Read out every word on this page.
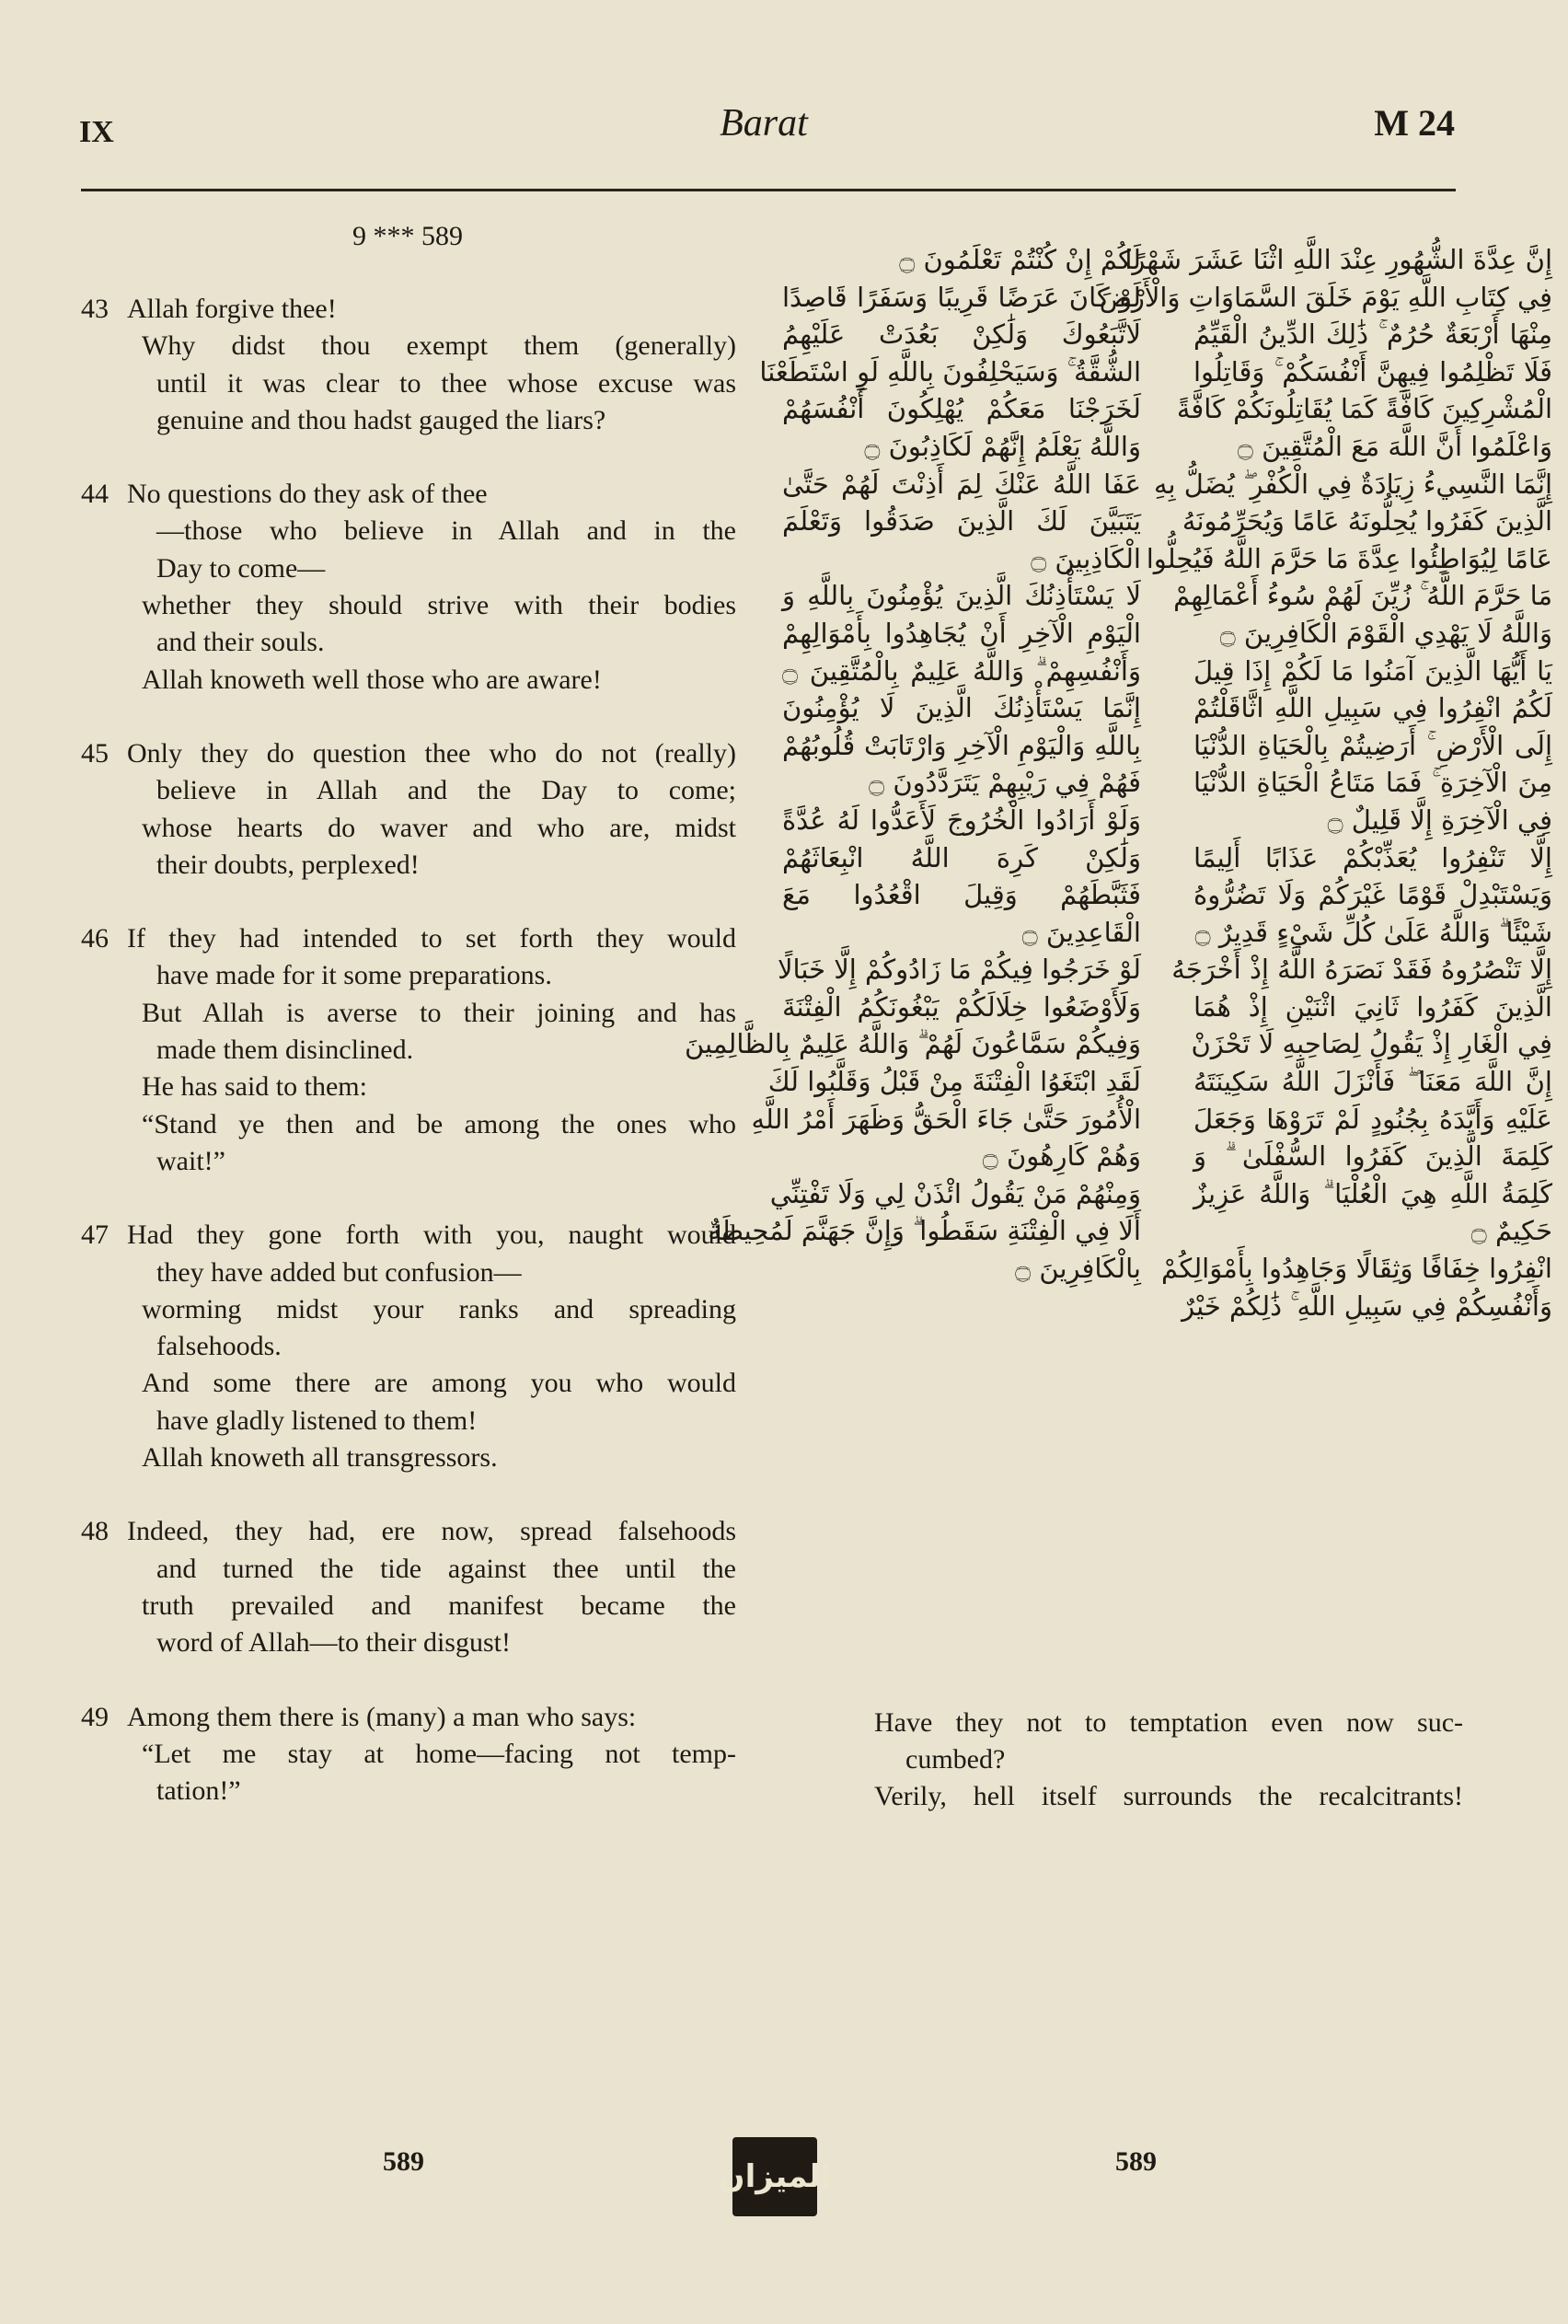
IX	Barat	M 24
9 *** 589
43 Allah forgive thee!
Why didst thou exempt them (generally)
until it was clear to thee whose excuse was
genuine and thou hadst gauged the liars?
44 No questions do they ask of thee
—those who believe in Allah and in the
Day to come—
whether they should strive with their bodies
and their souls.
Allah knoweth well those who are aware!
45 Only they do question thee who do not (really)
believe in Allah and the Day to come;
whose hearts do waver and who are, midst
their doubts, perplexed!
46 If they had intended to set forth they would
have made for it some preparations.
But Allah is averse to their joining and has
made them disinclined.
He has said to them:
“Stand ye then and be among the ones who
wait!”
47 Had they gone forth with you, naught would
they have added but confusion—
worming midst your ranks and spreading
falsehoods.
And some there are among you who would
have gladly listened to them!
Allah knoweth all transgressors.
48 Indeed, they had, ere now, spread falsehoods
and turned the tide against thee until the
truth prevailed and manifest became the
word of Allah—to their disgust!
49 Among them there is (many) a man who says:
“Let me stay at home—facing not temp-
tation!”
لَكُمْ إِنْ كُنْتُمْ تَعْلَمُونَ ۝
لَوْ كَانَ عَرَضًا قَرِيبًا وَسَفَرًا قَاصِدًا
لَاتَّبَعُوكَ وَلَٰكِنْ بَعُدَتْ عَلَيْهِمُ
الشُّقَّةُ ۚ وَسَيَحْلِفُونَ بِاللَّهِ لَوِ اسْتَطَعْنَا
لَخَرَجْنَا مَعَكُمْ يُهْلِكُونَ أَنْفُسَهُمْ
وَاللَّهُ يَعْلَمُ إِنَّهُمْ لَكَاذِبُونَ ۝
عَفَا اللَّهُ عَنْكَ لِمَ أَذِنْتَ لَهُمْ حَتَّىٰ
يَتَبَيَّنَ لَكَ الَّذِينَ صَدَقُوا وَتَعْلَمَ
الْكَاذِبِينَ ۝
لَا يَسْتَأْذِنُكَ الَّذِينَ يُؤْمِنُونَ بِاللَّهِ وَ
الْيَوْمِ الْآخِرِ أَنْ يُجَاهِدُوا بِأَمْوَالِهِمْ
وَأَنْفُسِهِمْ ۗ وَاللَّهُ عَلِيمٌ بِالْمُتَّقِينَ ۝
إِنَّمَا يَسْتَأْذِنُكَ الَّذِينَ لَا يُؤْمِنُونَ
بِاللَّهِ وَالْيَوْمِ الْآخِرِ وَارْتَابَتْ قُلُوبُهُمْ
فَهُمْ فِي رَيْبِهِمْ يَتَرَدَّدُونَ ۝
وَلَوْ أَرَادُوا الْخُرُوجَ لَأَعَدُّوا لَهُ عُدَّةً
وَلَٰكِنْ كَرِهَ اللَّهُ انْبِعَاثَهُمْ
فَثَبَّطَهُمْ وَقِيلَ اقْعُدُوا مَعَ
الْقَاعِدِينَ ۝
لَوْ خَرَجُوا فِيكُمْ مَا زَادُوكُمْ إِلَّا خَبَالًا
وَلَأَوْضَعُوا خِلَالَكُمْ يَبْغُونَكُمُ الْفِتْنَةَ
وَفِيكُمْ سَمَّاعُونَ لَهُمْ ۗ وَاللَّهُ عَلِيمٌ بِالظَّالِمِينَ
لَقَدِ ابْتَغَوُا الْفِتْنَةَ مِنْ قَبْلُ وَقَلَّبُوا لَكَ
الْأُمُورَ حَتَّىٰ جَاءَ الْحَقُّ وَظَهَرَ أَمْرُ اللَّهِ
وَهُمْ كَارِهُونَ ۝
وَمِنْهُمْ مَنْ يَقُولُ ائْذَنْ لِي وَلَا تَفْتِنِّي
أَلَا فِي الْفِتْنَةِ سَقَطُوا ۗ وَإِنَّ جَهَنَّمَ لَمُحِيطَةٌ
بِالْكَافِرِينَ ۝
إِنَّ عِدَّةَ الشُّهُورِ عِنْدَ اللَّهِ اثْنَا عَشَرَ شَهْرًا
فِي كِتَابِ اللَّهِ يَوْمَ خَلَقَ السَّمَاوَاتِ وَالْأَرْضَ
مِنْهَا أَرْبَعَةٌ حُرُمٌ ۚ ذَٰلِكَ الدِّينُ الْقَيِّمُ
فَلَا تَظْلِمُوا فِيهِنَّ أَنْفُسَكُمْ ۚ وَقَاتِلُوا
الْمُشْرِكِينَ كَافَّةً كَمَا يُقَاتِلُونَكُمْ كَافَّةً
وَاعْلَمُوا أَنَّ اللَّهَ مَعَ الْمُتَّقِينَ ۝
إِنَّمَا النَّسِيءُ زِيَادَةٌ فِي الْكُفْرِ ۖ يُضَلُّ بِهِ
الَّذِينَ كَفَرُوا يُحِلُّونَهُ عَامًا وَيُحَرِّمُونَهُ
عَامًا لِيُوَاطِئُوا عِدَّةَ مَا حَرَّمَ اللَّهُ فَيُحِلُّوا
مَا حَرَّمَ اللَّهُ ۚ زُيِّنَ لَهُمْ سُوءُ أَعْمَالِهِمْ
وَاللَّهُ لَا يَهْدِي الْقَوْمَ الْكَافِرِينَ ۝
يَا أَيُّهَا الَّذِينَ آمَنُوا مَا لَكُمْ إِذَا قِيلَ
لَكُمُ انْفِرُوا فِي سَبِيلِ اللَّهِ اثَّاقَلْتُمْ
إِلَى الْأَرْضِ ۚ أَرَضِيتُمْ بِالْحَيَاةِ الدُّنْيَا
مِنَ الْآخِرَةِ ۚ فَمَا مَتَاعُ الْحَيَاةِ الدُّنْيَا
فِي الْآخِرَةِ إِلَّا قَلِيلٌ ۝
إِلَّا تَنْفِرُوا يُعَذِّبْكُمْ عَذَابًا أَلِيمًا
وَيَسْتَبْدِلْ قَوْمًا غَيْرَكُمْ وَلَا تَضُرُّوهُ
شَيْئًا ۗ وَاللَّهُ عَلَىٰ كُلِّ شَيْءٍ قَدِيرٌ ۝
إِلَّا تَنْصُرُوهُ فَقَدْ نَصَرَهُ اللَّهُ إِذْ أَخْرَجَهُ
الَّذِينَ كَفَرُوا ثَانِيَ اثْنَيْنِ إِذْ هُمَا
فِي الْغَارِ إِذْ يَقُولُ لِصَاحِبِهِ لَا تَحْزَنْ
إِنَّ اللَّهَ مَعَنَا ۖ فَأَنْزَلَ اللَّهُ سَكِينَتَهُ
عَلَيْهِ وَأَيَّدَهُ بِجُنُودٍ لَمْ تَرَوْهَا وَجَعَلَ
كَلِمَةَ الَّذِينَ كَفَرُوا السُّفْلَىٰ ۗ وَ
كَلِمَةُ اللَّهِ هِيَ الْعُلْيَا ۗ وَاللَّهُ عَزِيزٌ
حَكِيمٌ ۝
انْفِرُوا خِفَافًا وَثِقَالًا وَجَاهِدُوا بِأَمْوَالِكُمْ
وَأَنْفُسِكُمْ فِي سَبِيلِ اللَّهِ ۚ ذَٰلِكُمْ خَيْرٌ
Have they not to temptation even now suc-
cumbed?
Verily, hell itself surrounds the recalcitrants!
589	الميزان	589
